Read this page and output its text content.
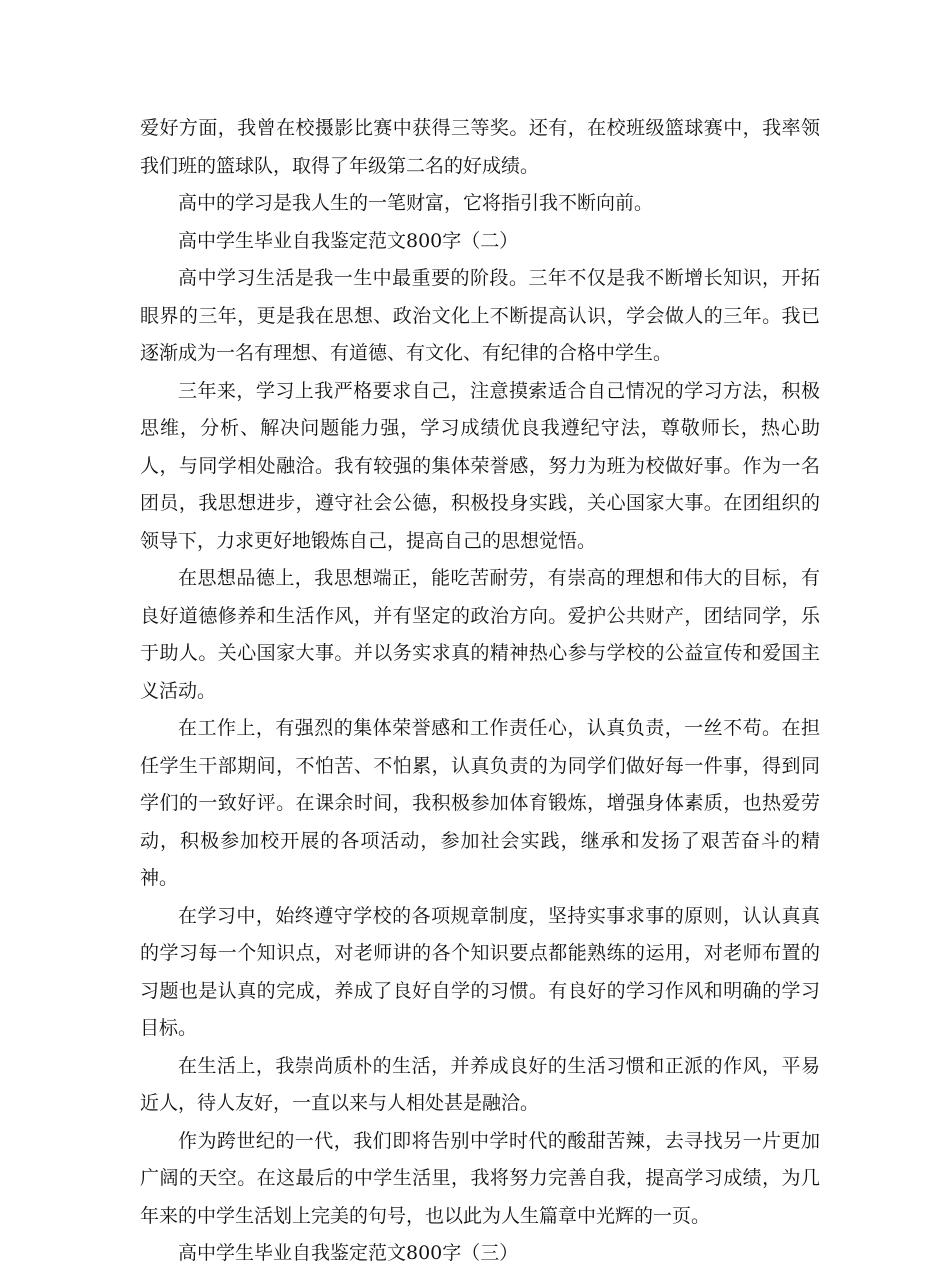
爱好方面，我曾在校摄影比赛中获得三等奖。还有，在校班级篮球赛中，我率领我们班的篮球队，取得了年级第二名的好成绩。

高中的学习是我人生的一笔财富，它将指引我不断向前。

高中学生毕业自我鉴定范文800字（二）

高中学习生活是我一生中最重要的阶段。三年不仅是我不断增长知识，开拓眼界的三年，更是我在思想、政治文化上不断提高认识，学会做人的三年。我已逐渐成为一名有理想、有道德、有文化、有纪律的合格中学生。

三年来，学习上我严格要求自己，注意摸索适合自己情况的学习方法，积极思维，分析、解决问题能力强，学习成绩优良我遵纪守法，尊敬师长，热心助人，与同学相处融洽。我有较强的集体荣誉感，努力为班为校做好事。作为一名团员，我思想进步，遵守社会公德，积极投身实践，关心国家大事。在团组织的领导下，力求更好地锻炼自己，提高自己的思想觉悟。

在思想品德上，我思想端正，能吃苦耐劳，有崇高的理想和伟大的目标，有良好道德修养和生活作风，并有坚定的政治方向。爱护公共财产，团结同学，乐于助人。关心国家大事。并以务实求真的精神热心参与学校的公益宣传和爱国主义活动。

在工作上，有强烈的集体荣誉感和工作责任心，认真负责，一丝不苟。在担任学生干部期间，不怕苦、不怕累，认真负责的为同学们做好每一件事，得到同学们的一致好评。在课余时间，我积极参加体育锻炼，增强身体素质，也热爱劳动，积极参加校开展的各项活动，参加社会实践，继承和发扬了艰苦奋斗的精神。

在学习中，始终遵守学校的各项规章制度，坚持实事求事的原则，认认真真的学习每一个知识点，对老师讲的各个知识要点都能熟练的运用，对老师布置的习题也是认真的完成，养成了良好自学的习惯。有良好的学习作风和明确的学习目标。

在生活上，我崇尚质朴的生活，并养成良好的生活习惯和正派的作风，平易近人，待人友好，一直以来与人相处甚是融洽。

作为跨世纪的一代，我们即将告别中学时代的酸甜苦辣，去寻找另一片更加广阔的天空。在这最后的中学生活里，我将努力完善自我，提高学习成绩，为几年来的中学生活划上完美的句号，也以此为人生篇章中光辉的一页。

高中学生毕业自我鉴定范文800字（三）
